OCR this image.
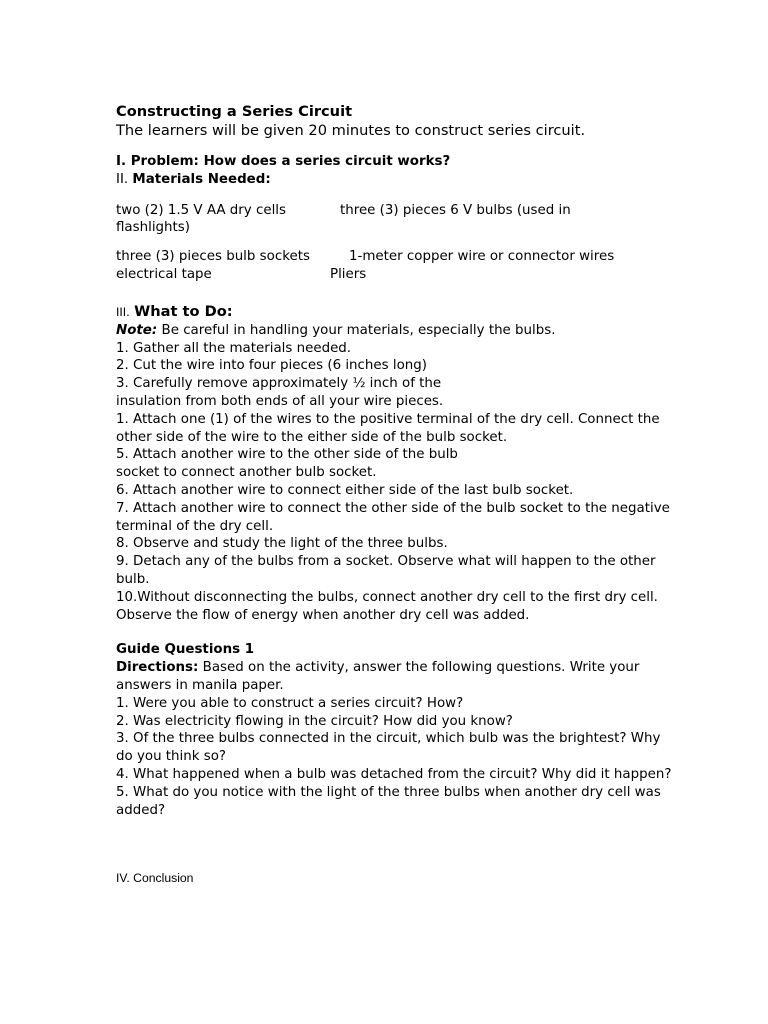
Constructing a Series Circuit
The learners will be given 20 minutes to construct series circuit.
I. Problem: How does a series circuit works?
II. Materials Needed:
two (2) 1.5 V AA dry cells	three (3) pieces 6 V bulbs (used in flashlights)
three (3) pieces bulb sockets	1-meter copper wire or connector wires
electrical tape	Pliers
III. What to Do:
Note: Be careful in handling your materials, especially the bulbs.
1. Gather all the materials needed.
2. Cut the wire into four pieces (6 inches long)
3. Carefully remove approximately ½ inch of the insulation from both ends of all your wire pieces.
1. Attach one (1) of the wires to the positive terminal of the dry cell. Connect the other side of the wire to the either side of the bulb socket.
5. Attach another wire to the other side of the bulb socket to connect another bulb socket.
6. Attach another wire to connect either side of the last bulb socket.
7. Attach another wire to connect the other side of the bulb socket to the negative terminal of the dry cell.
8. Observe and study the light of the three bulbs.
9. Detach any of the bulbs from a socket. Observe what will happen to the other bulb.
10.Without disconnecting the bulbs, connect another dry cell to the first dry cell. Observe the flow of energy when another dry cell was added.
Guide Questions 1
Directions: Based on the activity, answer the following questions. Write your answers in manila paper.
1. Were you able to construct a series circuit? How?
2. Was electricity flowing in the circuit? How did you know?
3. Of the three bulbs connected in the circuit, which bulb was the brightest? Why do you think so?
4. What happened when a bulb was detached from the circuit? Why did it happen?
5. What do you notice with the light of the three bulbs when another dry cell was added?
IV. Conclusion
